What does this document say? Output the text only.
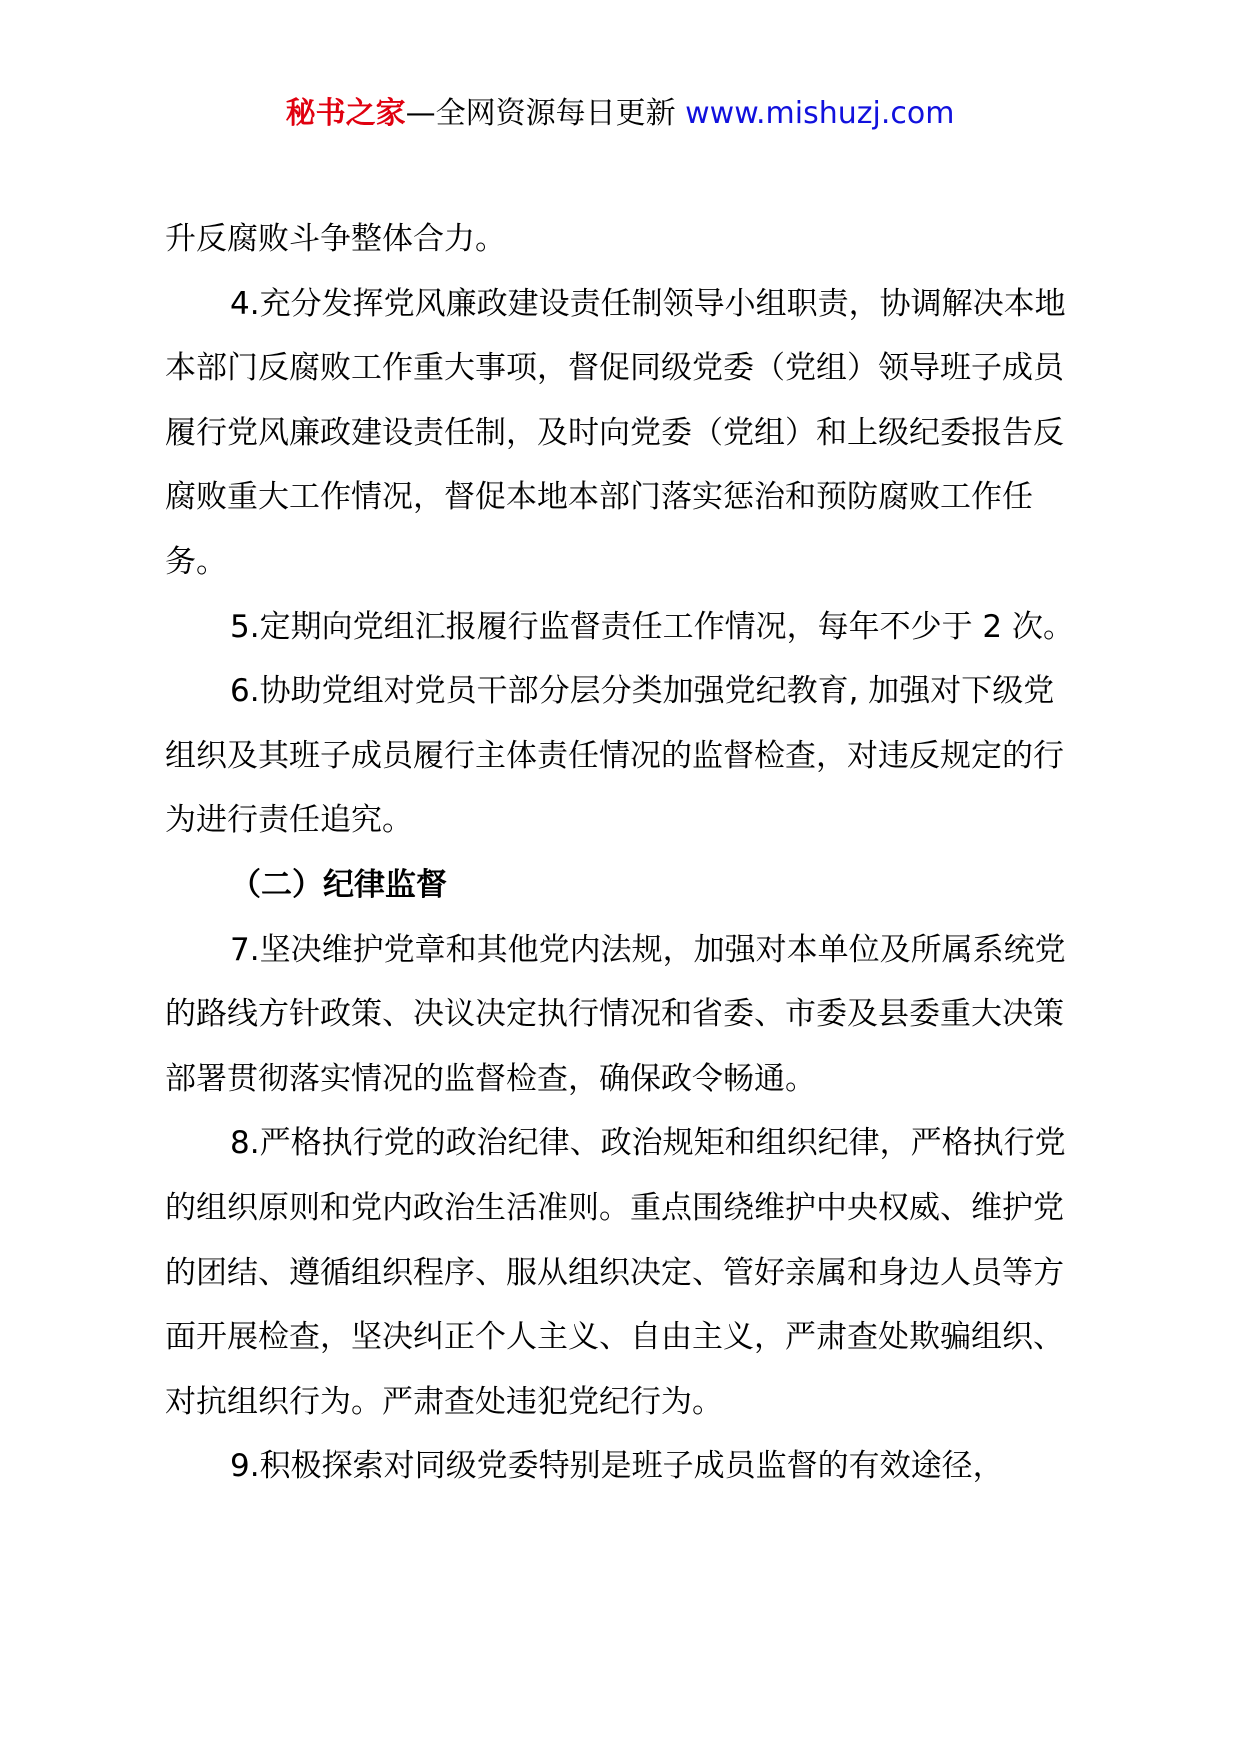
秘书之家—全网资源每日更新 www.mishuzj.com

升反腐败斗争整体合力。

4.充分发挥党风廉政建设责任制领导小组职责，协调解决本地本部门反腐败工作重大事项，督促同级党委（党组）领导班子成员履行党风廉政建设责任制，及时向党委（党组）和上级纪委报告反腐败重大工作情况，督促本地本部门落实惩治和预防腐败工作任务。

5.定期向党组汇报履行监督责任工作情况，每年不少于 2 次。

6.协助党组对党员干部分层分类加强党纪教育, 加强对下级党组织及其班子成员履行主体责任情况的监督检查，对违反规定的行为进行责任追究。

（二）纪律监督

7.坚决维护党章和其他党内法规，加强对本单位及所属系统党的路线方针政策、决议决定执行情况和省委、市委及县委重大决策部署贯彻落实情况的监督检查，确保政令畅通。

8.严格执行党的政治纪律、政治规矩和组织纪律，严格执行党的组织原则和党内政治生活准则。重点围绕维护中央权威、维护党的团结、遵循组织程序、服从组织决定、管好亲属和身边人员等方面开展检查，坚决纠正个人主义、自由主义，严肃查处欺骗组织、对抗组织行为。严肃查处违犯党纪行为。

9.积极探索对同级党委特别是班子成员监督的有效途径，
